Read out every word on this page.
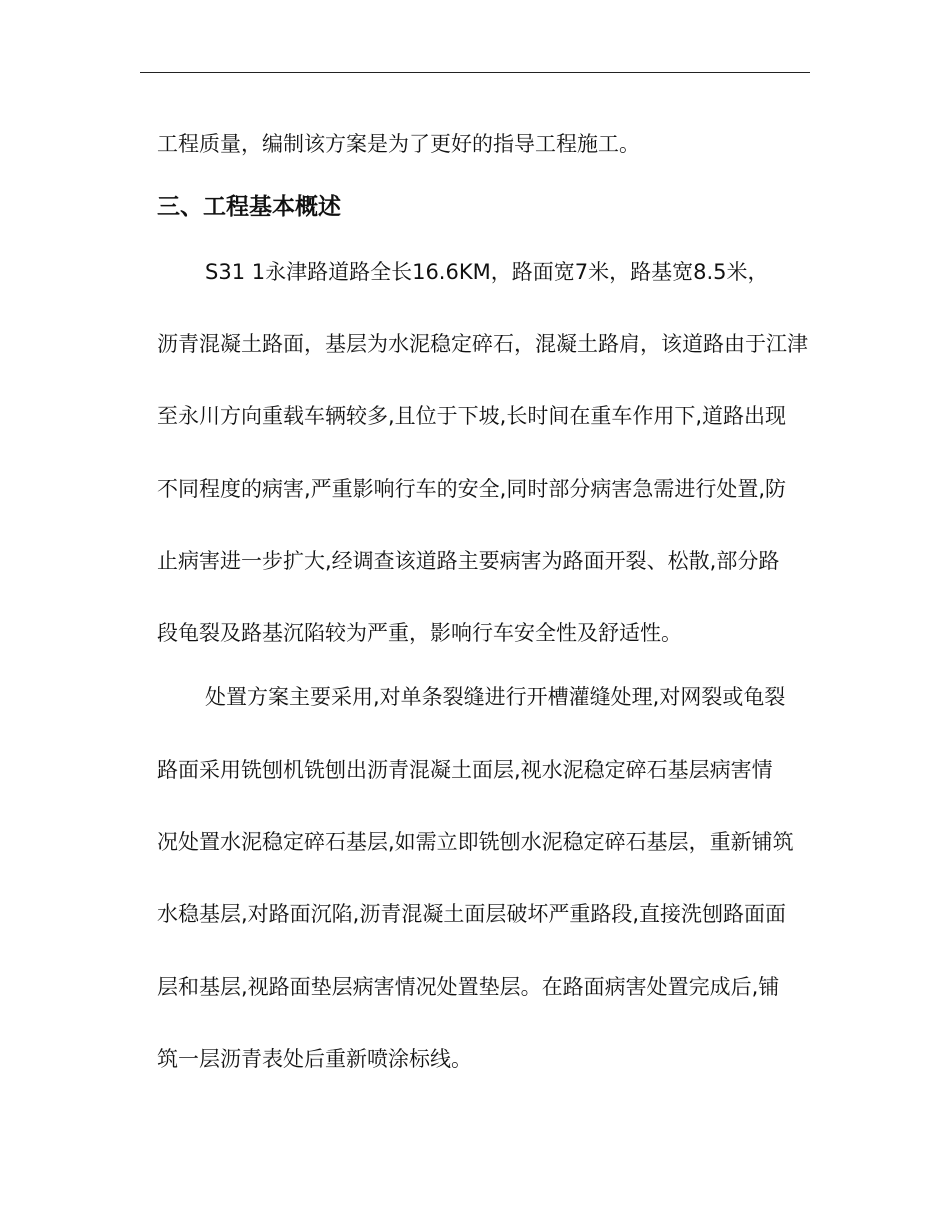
工程质量，编制该方案是为了更好的指导工程施工。
三、工程基本概述
S31 1永津路道路全长16.6KM，路面宽7米，路基宽8.5米，
沥青混凝土路面，基层为水泥稳定碎石，混凝土路肩，该道路由于江津
至永川方向重载车辆较多,且位于下坡,长时间在重车作用下,道路出现
不同程度的病害,严重影响行车的安全,同时部分病害急需进行处置,防
止病害进一步扩大,经调查该道路主要病害为路面开裂、松散,部分路
段龟裂及路基沉陷较为严重，影响行车安全性及舒适性。
处置方案主要采用,对单条裂缝进行开槽灌缝处理,对网裂或龟裂
路面采用铣刨机铣刨出沥青混凝土面层,视水泥稳定碎石基层病害情
况处置水泥稳定碎石基层,如需立即铣刨水泥稳定碎石基层，重新铺筑
水稳基层,对路面沉陷,沥青混凝土面层破坏严重路段,直接洗刨路面面
层和基层,视路面垫层病害情况处置垫层。在路面病害处置完成后,铺
筑一层沥青表处后重新喷涂标线。
